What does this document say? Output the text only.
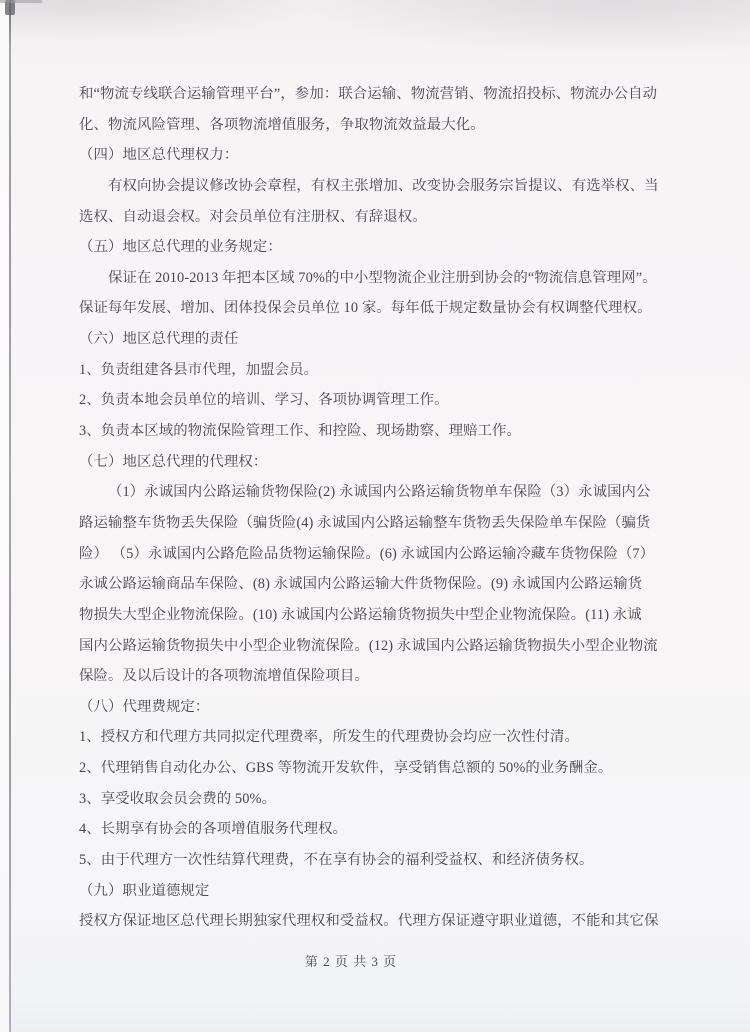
和“物流专线联合运输管理平台”，参加：联合运输、物流营销、物流招投标、物流办公自动
化、物流风险管理、各项物流增值服务，争取物流效益最大化。
（四）地区总代理权力：
有权向协会提议修改协会章程，有权主张增加、改变协会服务宗旨提议、有选举权、当
选权、自动退会权。对会员单位有注册权、有辞退权。
（五）地区总代理的业务规定：
保证在 2010-2013 年把本区域 70%的中小型物流企业注册到协会的“物流信息管理网”。
保证每年发展、增加、团体投保会员单位 10 家。每年低于规定数量协会有权调整代理权。
（六）地区总代理的责任
1、负责组建各县市代理，加盟会员。
2、负责本地会员单位的培训、学习、各项协调管理工作。
3、负责本区域的物流保险管理工作、和控险、现场勘察、理赔工作。
（七）地区总代理的代理权：
（1）永诚国内公路运输货物保险(2) 永诚国内公路运输货物单车保险（3）永诚国内公
路运输整车货物丢失保险（骗货险(4) 永诚国内公路运输整车货物丢失保险单车保险（骗货
险） （5）永诚国内公路危险品货物运输保险。(6) 永诚国内公路运输冷藏车货物保险（7）
永诚公路运输商品车保险、(8) 永诚国内公路运输大件货物保险。(9) 永诚国内公路运输货
物损失大型企业物流保险。(10) 永诚国内公路运输货物损失中型企业物流保险。(11) 永诚
国内公路运输货物损失中小型企业物流保险。(12) 永诚国内公路运输货物损失小型企业物流
保险。及以后设计的各项物流增值保险项目。
（八）代理费规定：
1、授权方和代理方共同拟定代理费率，所发生的代理费协会均应一次性付清。
2、代理销售自动化办公、GBS 等物流开发软件，享受销售总额的 50%的业务酬金。
3、享受收取会员会费的 50%。
4、长期享有协会的各项增值服务代理权。
5、由于代理方一次性结算代理费，不在享有协会的福利受益权、和经济债务权。
（九）职业道德规定
授权方保证地区总代理长期独家代理权和受益权。代理方保证遵守职业道德，不能和其它保
第 2 页 共 3 页
